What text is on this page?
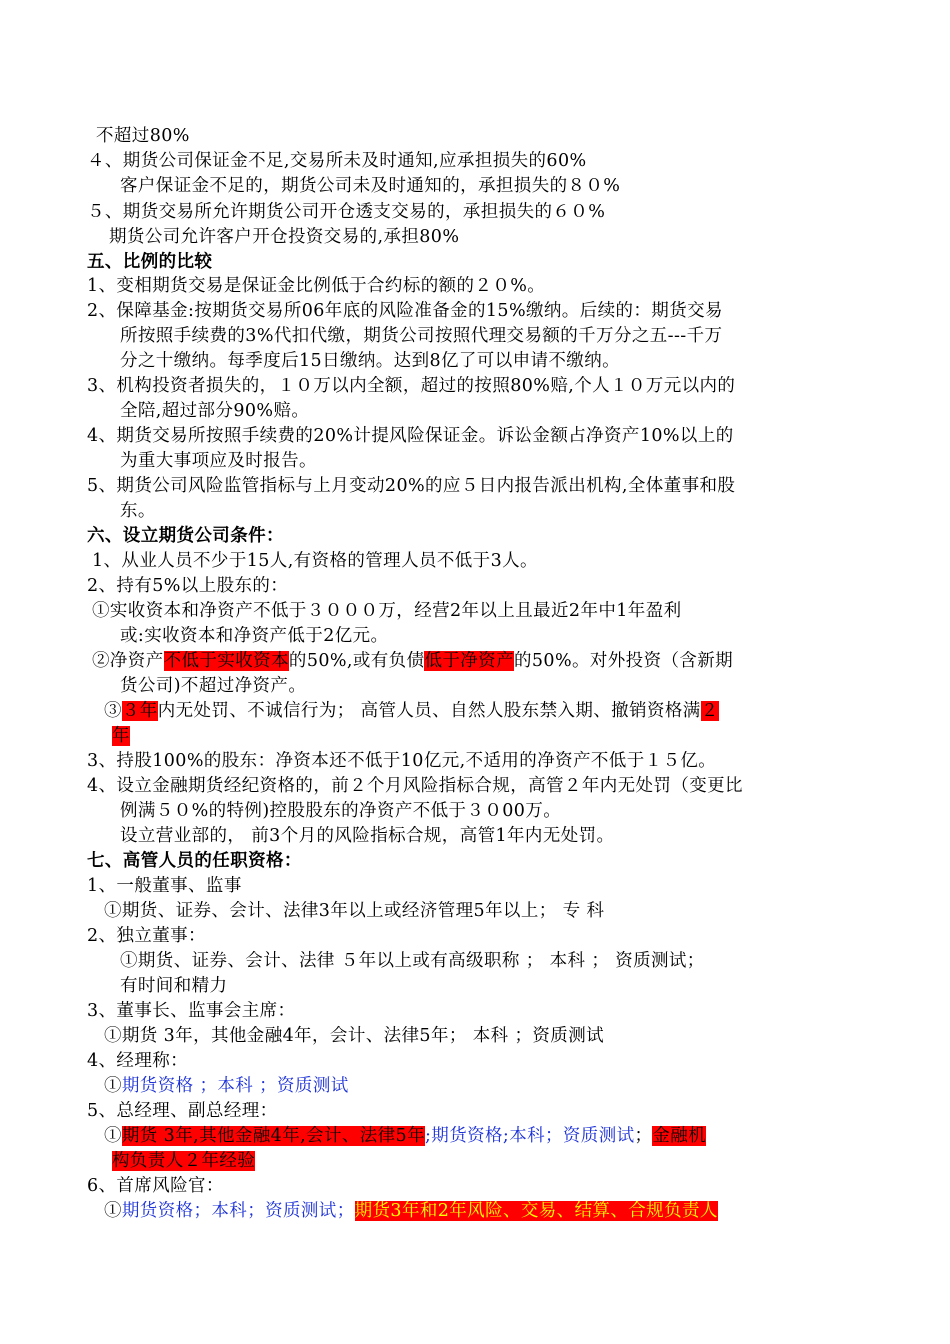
不超过80%
４、期货公司保证金不足,交易所未及时通知,应承担损失的60%
客户保证金不足的，期货公司未及时通知的，承担损失的８０%
５、期货交易所允许期货公司开仓透支交易的，承担损失的６０%
期货公司允许客户开仓投资交易的,承担80%
五、比例的比较
1、变相期货交易是保证金比例低于合约标的额的２０%。
2、保障基金:按期货交易所06年底的风险准备金的15%缴纳。后续的：期货交易
所按照手续费的3%代扣代缴，期货公司按照代理交易额的千万分之五---千万
分之十缴纳。每季度后15日缴纳。达到8亿了可以申请不缴纳。
3、机构投资者损失的，１０万以内全额，超过的按照80%赔,个人１０万元以内的
全陪,超过部分90%赔。
4、期货交易所按照手续费的20%计提风险保证金。诉讼金额占净资产10%以上的
为重大事项应及时报告。
5、期货公司风险监管指标与上月变动20%的应５日内报告派出机构,全体董事和股
东。
六、设立期货公司条件：
1、从业人员不少于15人,有资格的管理人员不低于3人。
2、持有5%以上股东的：
①实收资本和净资产不低于３０００万，经营2年以上且最近2年中1年盈利
或:实收资本和净资产低于2亿元。
②净资产不低于实收资本的50%,或有负债低于净资产的50%。对外投资（含新期
货公司)不超过净资产。
③３年内无处罚、不诚信行为； 高管人员、自然人股东禁入期、撤销资格满２
年
3、持股100%的股东：净资本还不低于10亿元,不适用的净资产不低于１５亿。
4、设立金融期货经纪资格的，前２个月风险指标合规，高管２年内无处罚（变更比
例满５０%的特例)控股股东的净资产不低于３０00万。
设立营业部的， 前3个月的风险指标合规，高管1年内无处罚。
七、高管人员的任职资格：
1、一般董事、监事
①期货、证券、会计、法律3年以上或经济管理5年以上； 专 科
2、独立董事：
①期货、证券、会计、法律 ５年以上或有高级职称 ； 本科 ； 资质测试；
有时间和精力
3、董事长、监事会主席：
①期货 3年，其他金融4年，会计、法律5年； 本科 ；资质测试
4、经理称：
①期货资格 ；本科 ；资质测试
5、总经理、副总经理：
①期货 3年,其他金融4年,会计、法律5年;期货资格;本科；资质测试；金融机
构负责人２年经验
6、首席风险官：
①期货资格；本科；资质测试；期货3年和2年风险、交易、结算、合规负责人
